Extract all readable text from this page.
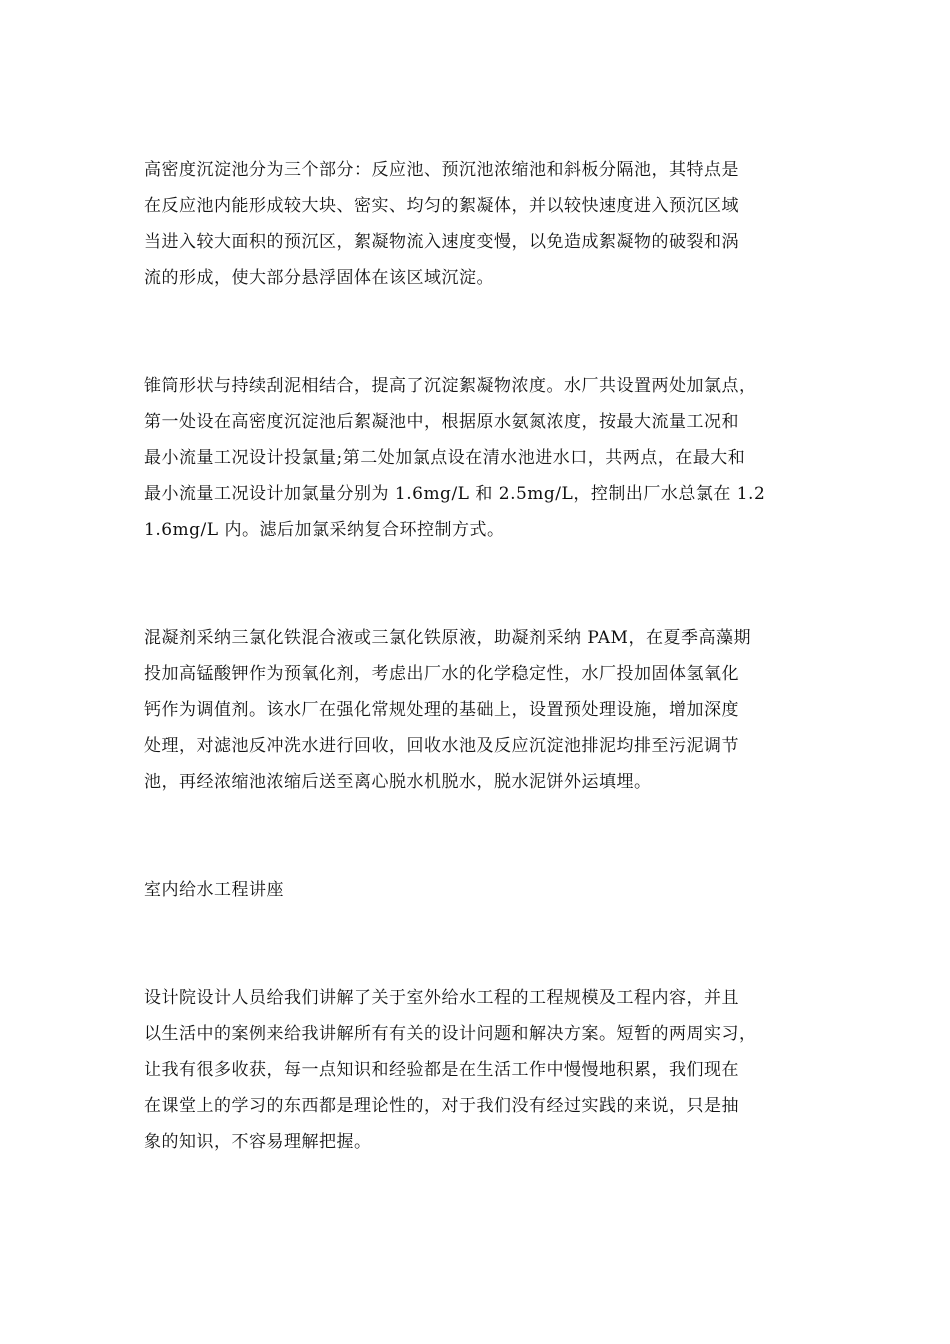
高密度沉淀池分为三个部分：反应池、预沉池浓缩池和斜板分隔池，其特点是
在反应池内能形成较大块、密实、均匀的絮凝体，并以较快速度进入预沉区域
当进入较大面积的预沉区，絮凝物流入速度变慢，以免造成絮凝物的破裂和涡
流的形成，使大部分悬浮固体在该区域沉淀。
锥筒形状与持续刮泥相结合，提高了沉淀絮凝物浓度。水厂共设置两处加氯点，
第一处设在高密度沉淀池后絮凝池中，根据原水氨氮浓度，按最大流量工况和
最小流量工况设计投氯量;第二处加氯点设在清水池进水口，共两点，在最大和
最小流量工况设计加氯量分别为 1.6mg/L 和 2.5mg/L，控制出厂水总氯在 1.2
1.6mg/L 内。滤后加氯采纳复合环控制方式。
混凝剂采纳三氯化铁混合液或三氯化铁原液，助凝剂采纳 PAM，在夏季高藻期
投加高锰酸钾作为预氧化剂，考虑出厂水的化学稳定性，水厂投加固体氢氧化
钙作为调值剂。该水厂在强化常规处理的基础上，设置预处理设施，增加深度
处理，对滤池反冲洗水进行回收，回收水池及反应沉淀池排泥均排至污泥调节
池，再经浓缩池浓缩后送至离心脱水机脱水，脱水泥饼外运填埋。
室内给水工程讲座
设计院设计人员给我们讲解了关于室外给水工程的工程规模及工程内容，并且
以生活中的案例来给我讲解所有有关的设计问题和解决方案。短暂的两周实习，
让我有很多收获，每一点知识和经验都是在生活工作中慢慢地积累，我们现在
在课堂上的学习的东西都是理论性的，对于我们没有经过实践的来说，只是抽
象的知识，不容易理解把握。
